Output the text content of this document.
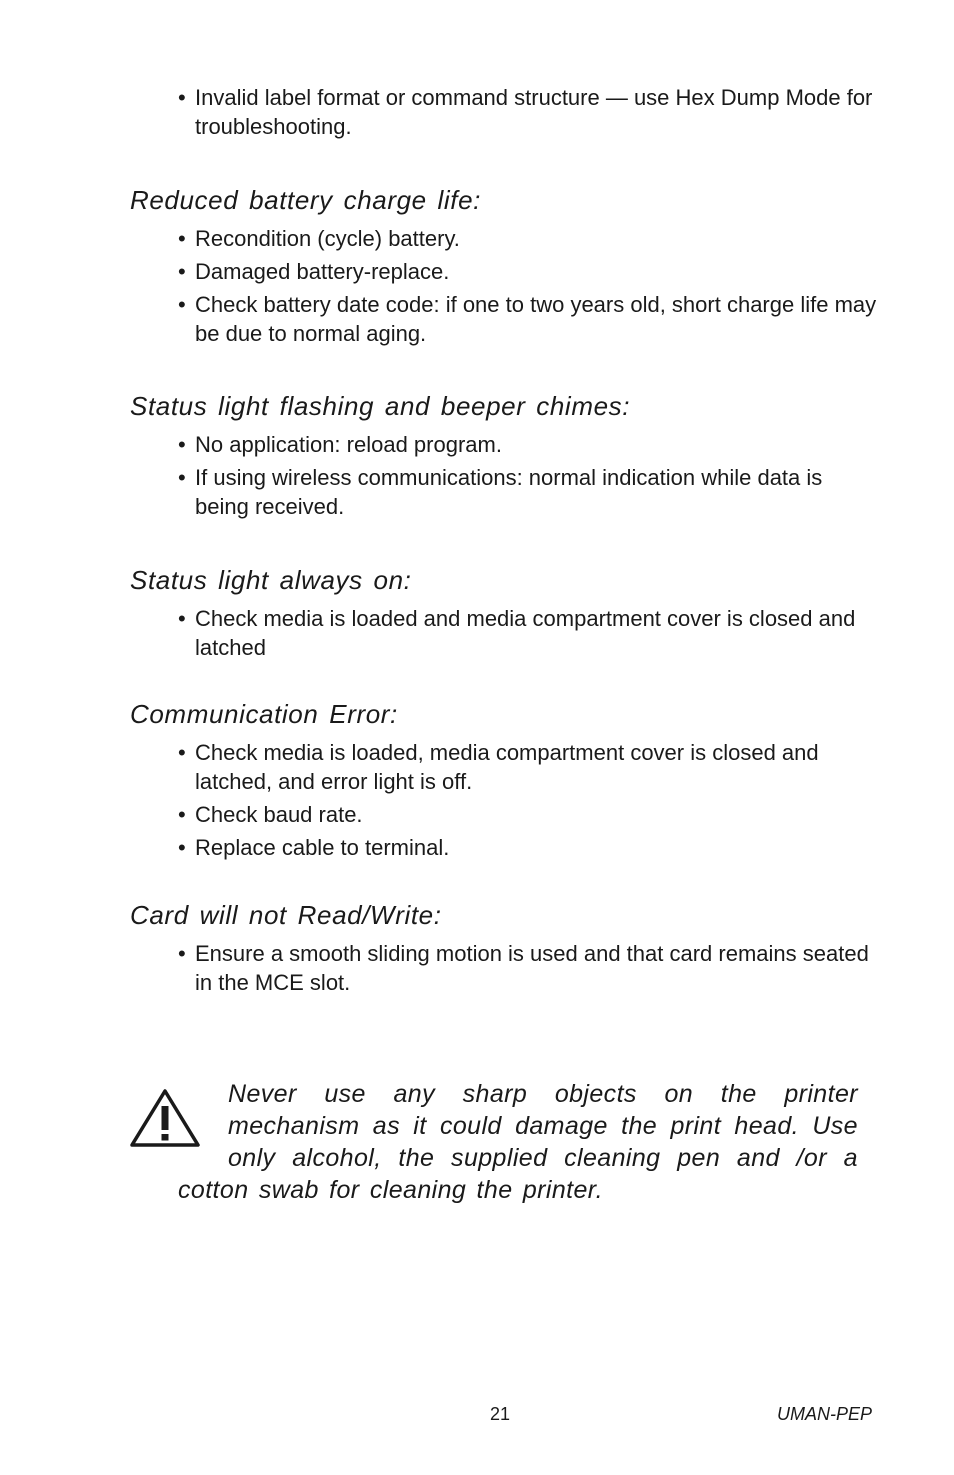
• Invalid label format or command structure — use Hex Dump Mode for troubleshooting.
Reduced battery charge life:
• Recondition (cycle) battery.
• Damaged battery-replace.
• Check battery date code: if one to two years old, short charge life may be due to normal aging.
Status light flashing and beeper chimes:
• No application: reload program.
• If using wireless communications: normal indication while data is being received.
Status light always on:
• Check media is loaded and media compartment cover is closed and latched
Communication Error:
• Check media is loaded, media compartment cover is closed and latched, and error light is off.
• Check baud rate.
• Replace cable to terminal.
Card will not Read/Write:
• Ensure a smooth sliding motion is used and that card remains seated in the MCE slot.

Never use any sharp objects on the printer mechanism as it could damage the print head. Use only alcohol, the supplied cleaning pen and /or a cotton swab for cleaning the printer.

21	UMAN-PEP
